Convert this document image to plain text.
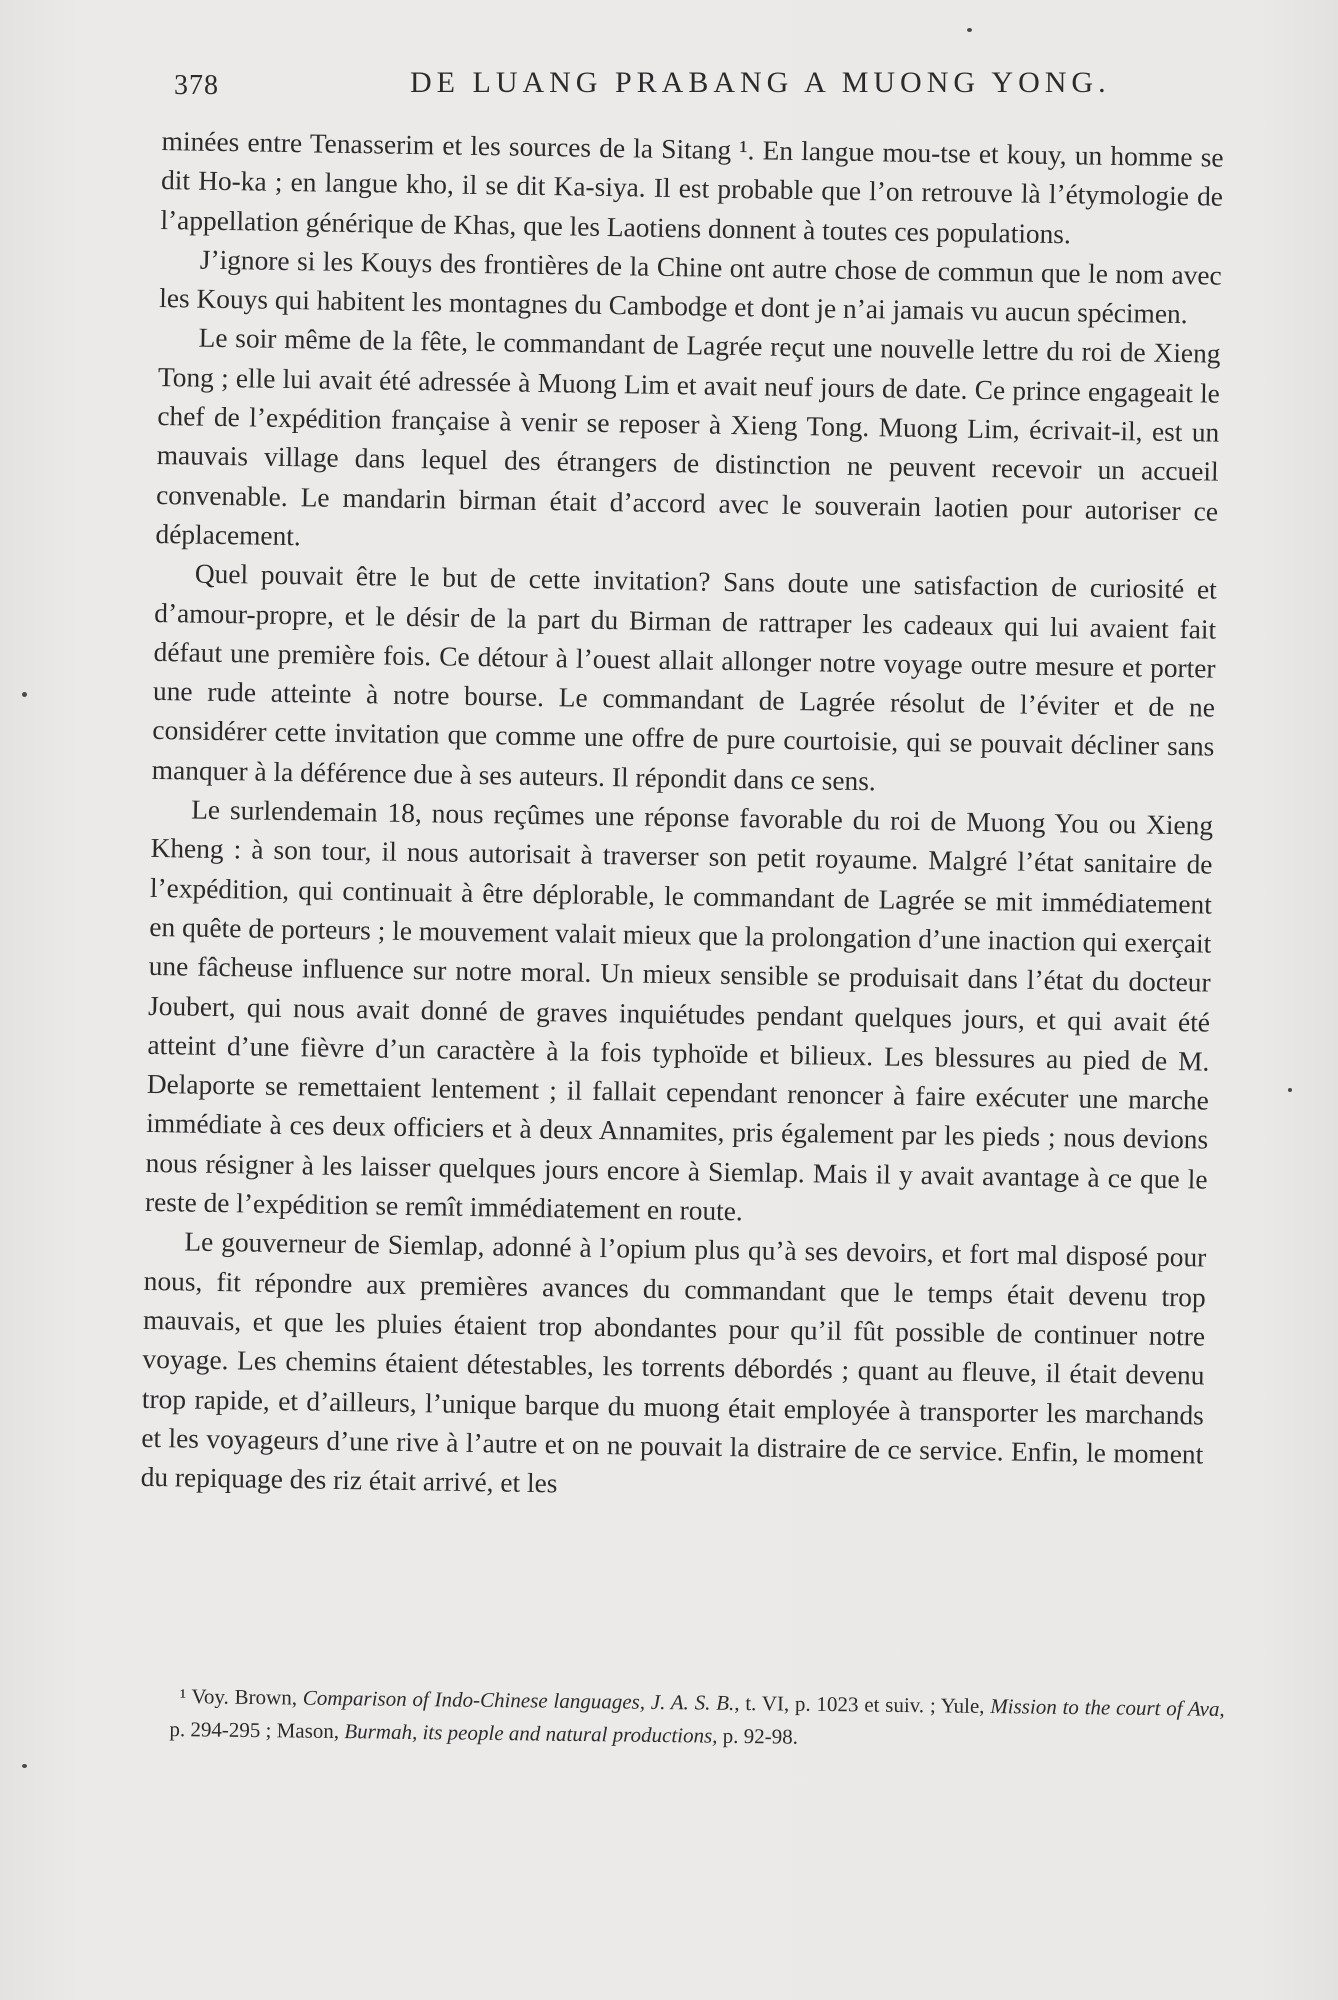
378	DE LUANG PRABANG A MUONG YONG.

minées entre Tenasserim et les sources de la Sitang ¹. En langue mou-tse et kouy, un homme se dit Ho-ka ; en langue kho, il se dit Ka-siya. Il est probable que l’on retrouve là l’étymologie de l’appellation générique de Khas, que les Laotiens donnent à toutes ces populations.

J’ignore si les Kouys des frontières de la Chine ont autre chose de commun que le nom avec les Kouys qui habitent les montagnes du Cambodge et dont je n’ai jamais vu aucun spécimen.

Le soir même de la fête, le commandant de Lagrée reçut une nouvelle lettre du roi de Xieng Tong ; elle lui avait été adressée à Muong Lim et avait neuf jours de date. Ce prince engageait le chef de l’expédition française à venir se reposer à Xieng Tong. Muong Lim, écrivait-il, est un mauvais village dans lequel des étrangers de distinction ne peuvent recevoir un accueil convenable. Le mandarin birman était d’accord avec le souverain laotien pour autoriser ce déplacement.

Quel pouvait être le but de cette invitation? Sans doute une satisfaction de curiosité et d’amour-propre, et le désir de la part du Birman de rattraper les cadeaux qui lui avaient fait défaut une première fois. Ce détour à l’ouest allait allonger notre voyage outre mesure et porter une rude atteinte à notre bourse. Le commandant de Lagrée résolut de l’éviter et de ne considérer cette invitation que comme une offre de pure courtoisie, qui se pouvait décliner sans manquer à la déférence due à ses auteurs. Il répondit dans ce sens.

Le surlendemain 18, nous reçûmes une réponse favorable du roi de Muong You ou Xieng Kheng : à son tour, il nous autorisait à traverser son petit royaume. Malgré l’état sanitaire de l’expédition, qui continuait à être déplorable, le commandant de Lagrée se mit immédiatement en quête de porteurs ; le mouvement valait mieux que la prolongation d’une inaction qui exerçait une fâcheuse influence sur notre moral. Un mieux sensible se produisait dans l’état du docteur Joubert, qui nous avait donné de graves inquiétudes pendant quelques jours, et qui avait été atteint d’une fièvre d’un caractère à la fois typhoïde et bilieux. Les blessures au pied de M. Delaporte se remettaient lentement ; il fallait cependant renoncer à faire exécuter une marche immédiate à ces deux officiers et à deux Annamites, pris également par les pieds ; nous devions nous résigner à les laisser quelques jours encore à Siemlap. Mais il y avait avantage à ce que le reste de l’expédition se remît immédiatement en route.

Le gouverneur de Siemlap, adonné à l’opium plus qu’à ses devoirs, et fort mal disposé pour nous, fit répondre aux premières avances du commandant que le temps était devenu trop mauvais, et que les pluies étaient trop abondantes pour qu’il fût possible de continuer notre voyage. Les chemins étaient détestables, les torrents débordés ; quant au fleuve, il était devenu trop rapide, et d’ailleurs, l’unique barque du muong était employée à transporter les marchands et les voyageurs d’une rive à l’autre et on ne pouvait la distraire de ce service. Enfin, le moment du repiquage des riz était arrivé, et les

¹ Voy. Brown, Comparison of Indo-Chinese languages, J. A. S. B., t. VI, p. 1023 et suiv. ; Yule, Mission to the court of Ava, p. 294-295 ; Mason, Burmah, its people and natural productions, p. 92-98.
